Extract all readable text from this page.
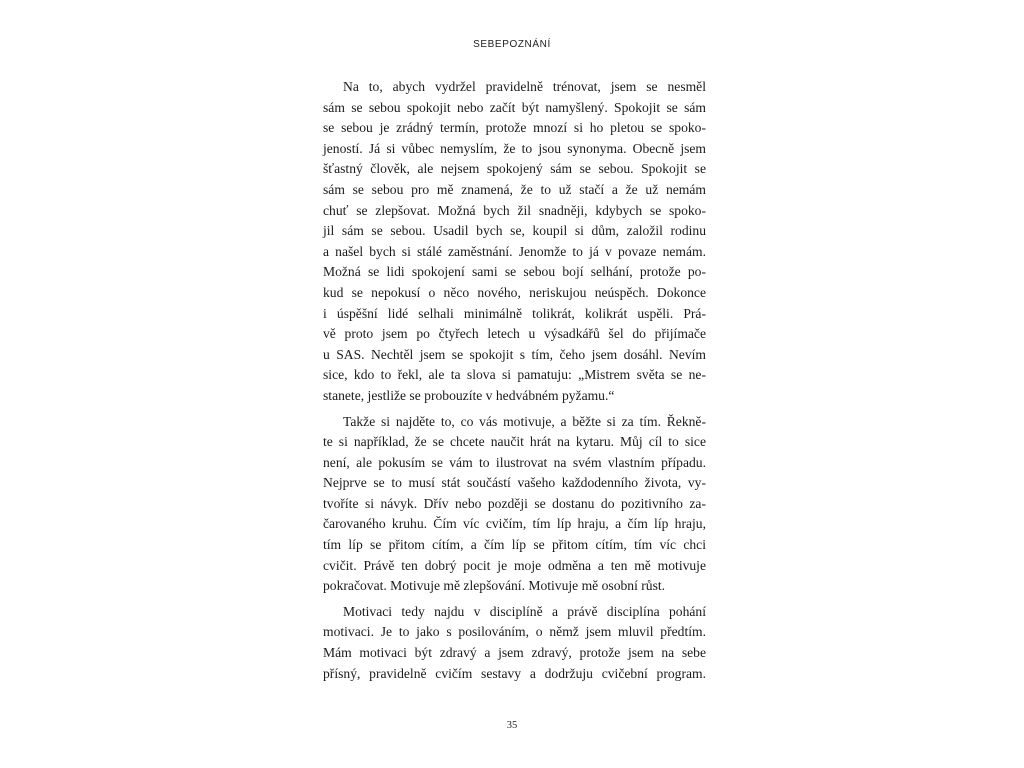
SEBEPOZNÁNÍ
Na to, abych vydržel pravidelně trénovat, jsem se nesměl
sám se sebou spokojit nebo začít být namyšlený. Spokojit se sám
se sebou je zrádný termín, protože mnozí si ho pletou se spoko-
jeností. Já si vůbec nemyslím, že to jsou synonyma. Obecně jsem
šťastný člověk, ale nejsem spokojený sám se sebou. Spokojit se
sám se sebou pro mě znamená, že to už stačí a že už nemám
chuť se zlepšovat. Možná bych žil snadněji, kdybych se spoko-
jil sám se sebou. Usadil bych se, koupil si dům, založil rodinu
a našel bych si stálé zaměstnání. Jenomže to já v povaze nemám.
Možná se lidi spokojení sami se sebou bojí selhání, protože po-
kud se nepokusí o něco nového, neriskujou neúspěch. Dokonce
i úspěšní lidé selhali minimálně tolikrát, kolikrát uspěli. Prá-
vě proto jsem po čtyřech letech u výsadkářů šel do přijímače
u SAS. Nechtěl jsem se spokojit s tím, čeho jsem dosáhl. Nevím
sice, kdo to řekl, ale ta slova si pamatuju: „Mistrem světa se ne-
stanete, jestliže se probouzíte v hedvábném pyžamu.“
Takže si najděte to, co vás motivuje, a běžte si za tím. Řekně-
te si například, že se chcete naučit hrát na kytaru. Můj cíl to sice
není, ale pokusím se vám to ilustrovat na svém vlastním případu.
Nejprve se to musí stát součástí vašeho každodenního života, vy-
tvoříte si návyk. Dřív nebo později se dostanu do pozitivního za-
čarovaného kruhu. Čím víc cvičím, tím líp hraju, a čím líp hraju,
tím líp se přitom cítím, a čím líp se přitom cítím, tím víc chci
cvičit. Právě ten dobrý pocit je moje odměna a ten mě motivuje
pokračovat. Motivuje mě zlepšování. Motivuje mě osobní růst.
Motivaci tedy najdu v disciplíně a právě disciplína pohání
motivaci. Je to jako s posilováním, o němž jsem mluvil předtím.
Mám motivaci být zdravý a jsem zdravý, protože jsem na sebe
přísný, pravidelně cvičím sestavy a dodržuju cvičební program.
35
